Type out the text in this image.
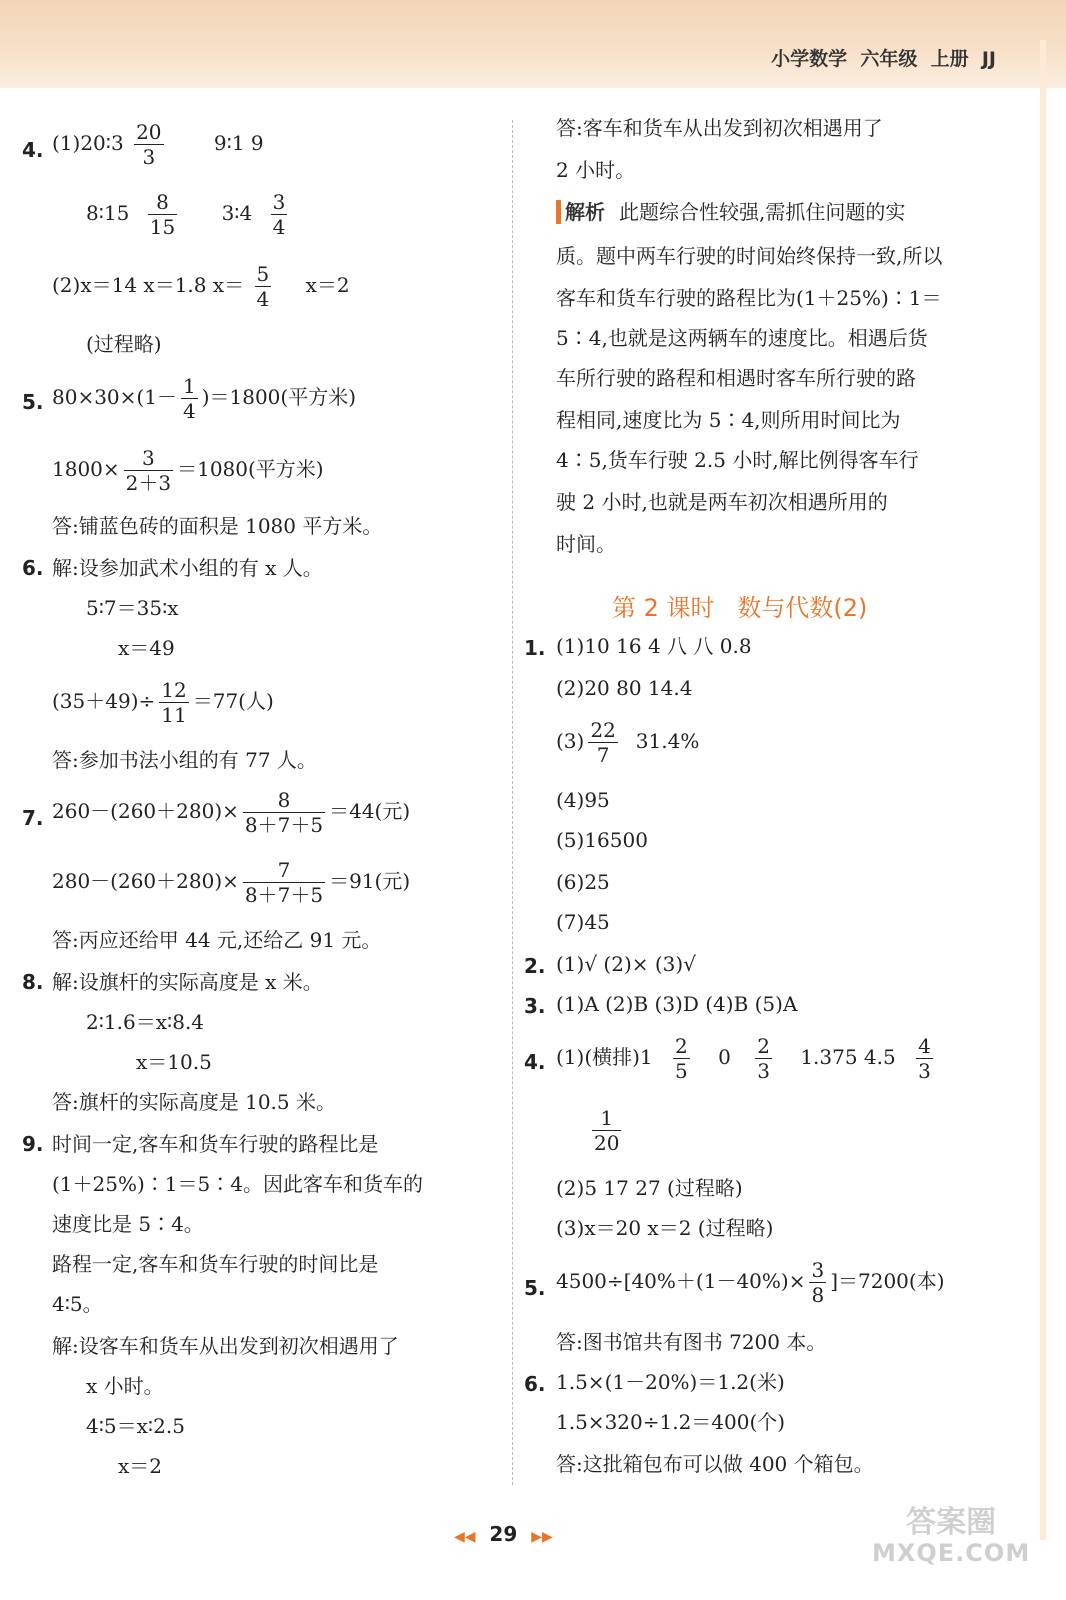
小学数学  六年级  上册  JJ
4. (1)20∶3 $\frac{20}{3}$	9∶1 9
8∶15 $\frac{8}{15}$ 3∶4 $\frac{3}{4}$
(2)x＝14 x＝1.8 $x= \frac{5}{4} x=2$
(过程略)
5. $80\times 30\times(1- \frac{1}{4} )=1800$(平方米)
$1800\times \frac{3}{2+3} =1080$(平方米)
答:铺蓝色砖的面积是 1080 平方米。
6. 解:设参加武术小组的有 x 人。
5∶7＝35∶x
x＝49
$(35+49)\div \frac{12}{11} =77$(人)
答:参加书法小组的有 77 人。
7. $260-(260+280)\times \frac{8}{8+7+5} =44$(元)
$280-(260+280)\times \frac{7}{8+7+5} =91$(元)
答:丙应还给甲 44 元,还给乙 91 元。
8. 解:设旗杆的实际高度是 x 米。
2∶1.6＝x∶8.4
x＝10.5
答:旗杆的实际高度是 10.5 米。
9. 时间一定,客车和货车行驶的路程比是
(1＋25%)∶1＝5∶4。因此客车和货车的
速度比是 5∶4。
路程一定,客车和货车行驶的时间比是
4∶5。
解:设客车和货车从出发到初次相遇用了
x 小时。
4∶5＝x∶2.5
x＝2
答:客车和货车从出发到初次相遇用了
2 小时。
解析 此题综合性较强,需抓住问题的实
质。题中两车行驶的时间始终保持一致,所以
客车和货车行驶的路程比为(1＋25%)∶1＝
5∶4,也就是这两辆车的速度比。相遇后货
车所行驶的路程和相遇时客车所行驶的路
程相同,速度比为 5∶4,则所用时间比为
4∶5,货车行驶 2.5 小时,解比例得客车行
驶 2 小时,也就是两车初次相遇所用的
时间。
第 2 课时   数与代数(2)
1. (1)10 16 4 八 八 0.8
(2)20 80 14.4
$(3) \frac{22}{7} 31.4\%$
(4)95
(5)16500
(6)25
(7)45
2. (1)√ (2)× (3)√
3. (1)A (2)B (3)D (4)B (5)A
4. (1)(横排)$1 \frac{2}{5} 0 \frac{2}{3} 1.375$ $4.5 \frac{4}{3}$
$\frac{1}{20}$
(2)5 17 27 (过程略)
(3)x＝20 x＝2 (过程略)
5. $4500\div[40\%+(1-40\%)\times \frac{3}{8} ]=7200$(本)
答:图书馆共有图书 7200 本。
6. 1.5×(1－20%)＝1.2(米)
1.5×320÷1.2＝400(个)
答:这批箱包布可以做 400 个箱包。

◀◀ 29 ▶▶	答案圈
MXQE.COM
